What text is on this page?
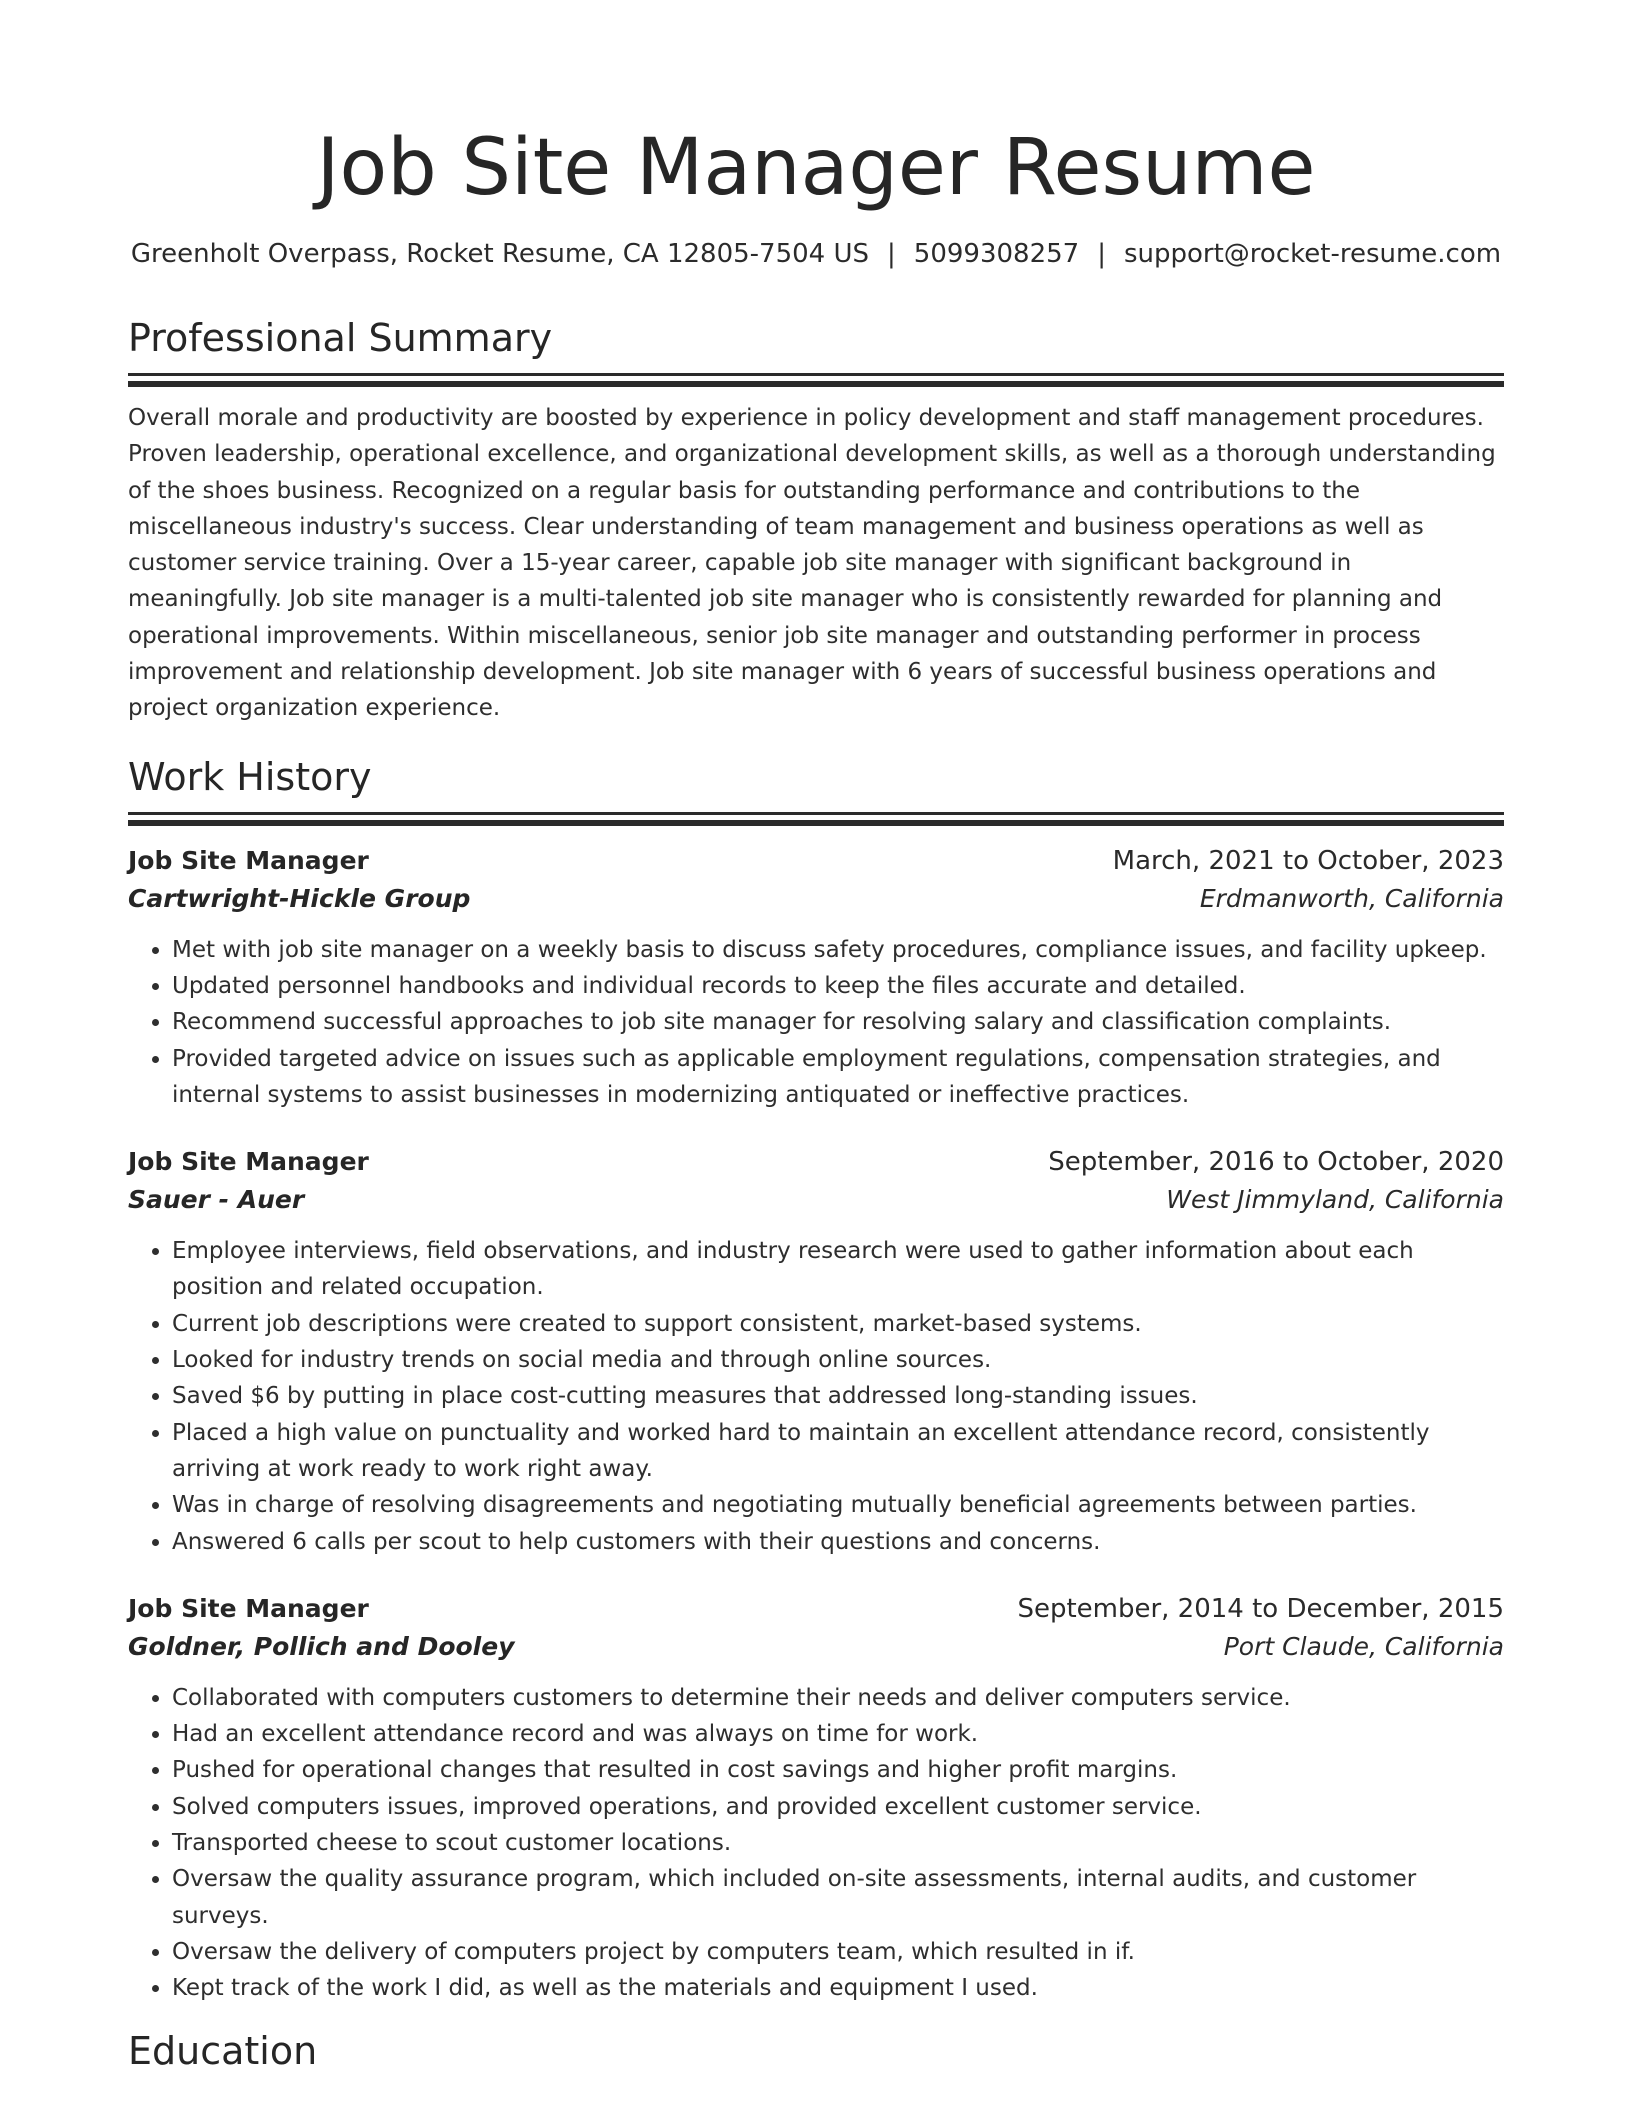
Job Site Manager Resume
Greenholt Overpass, Rocket Resume, CA 12805-7504 US | 5099308257 | support@rocket-resume.com
Professional Summary

Overall morale and productivity are boosted by experience in policy development and staff management procedures. Proven leadership, operational excellence, and organizational development skills, as well as a thorough understanding of the shoes business. Recognized on a regular basis for outstanding performance and contributions to the miscellaneous industry's success. Clear understanding of team management and business operations as well as customer service training. Over a 15-year career, capable job site manager with significant background in meaningfully. Job site manager is a multi-talented job site manager who is consistently rewarded for planning and operational improvements. Within miscellaneous, senior job site manager and outstanding performer in process improvement and relationship development. Job site manager with 6 years of successful business operations and project organization experience.

Work History
Job Site Manager	March, 2021 to October, 2023
Cartwright-Hickle Group	Erdmanworth, California
• Met with job site manager on a weekly basis to discuss safety procedures, compliance issues, and facility upkeep.
• Updated personnel handbooks and individual records to keep the files accurate and detailed.
• Recommend successful approaches to job site manager for resolving salary and classification complaints.
• Provided targeted advice on issues such as applicable employment regulations, compensation strategies, and internal systems to assist businesses in modernizing antiquated or ineffective practices.
Job Site Manager	September, 2016 to October, 2020
Sauer - Auer	West Jimmyland, California
• Employee interviews, field observations, and industry research were used to gather information about each position and related occupation.
• Current job descriptions were created to support consistent, market-based systems.
• Looked for industry trends on social media and through online sources.
• Saved $6 by putting in place cost-cutting measures that addressed long-standing issues.
• Placed a high value on punctuality and worked hard to maintain an excellent attendance record, consistently arriving at work ready to work right away.
• Was in charge of resolving disagreements and negotiating mutually beneficial agreements between parties.
• Answered 6 calls per scout to help customers with their questions and concerns.
Job Site Manager	September, 2014 to December, 2015
Goldner, Pollich and Dooley	Port Claude, California
• Collaborated with computers customers to determine their needs and deliver computers service.
• Had an excellent attendance record and was always on time for work.
• Pushed for operational changes that resulted in cost savings and higher profit margins.
• Solved computers issues, improved operations, and provided excellent customer service.
• Transported cheese to scout customer locations.
• Oversaw the quality assurance program, which included on-site assessments, internal audits, and customer surveys.
• Oversaw the delivery of computers project by computers team, which resulted in if.
• Kept track of the work I did, as well as the materials and equipment I used.
Education
